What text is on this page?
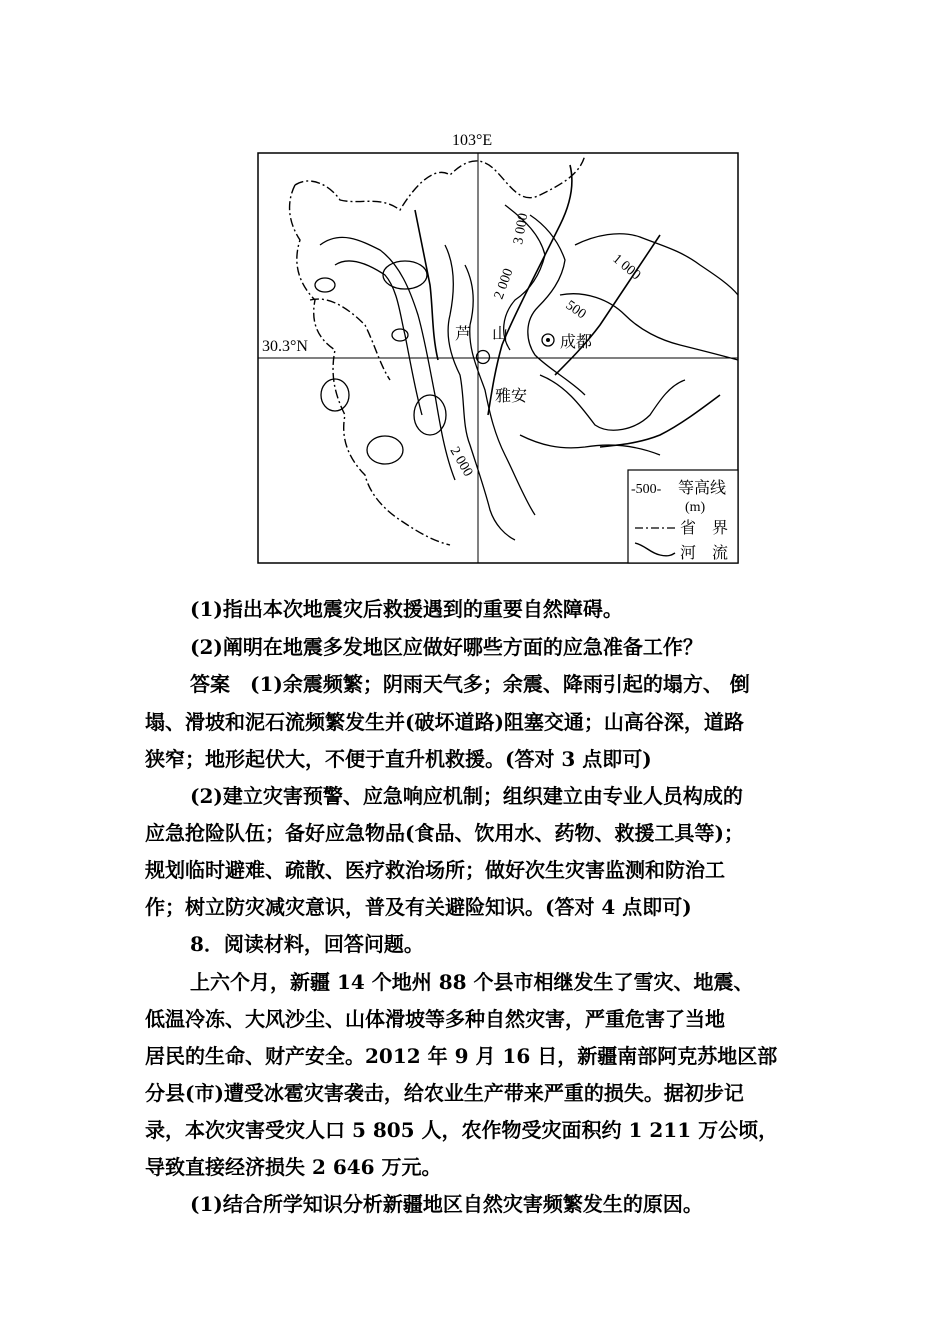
103°E
30.3°N
3 000
2 000	1 000
500
2 000
芦 山	成都
雅安
-500- 等高线
(m)
省　界
河　流
(1)指出本次地震灾后救援遇到的重要自然障碍。
(2)阐明在地震多发地区应做好哪些方面的应急准备工作？
答案　 (1)余震频繁；阴雨天气多；余震、降雨引起的塌方、 倒
塌、滑坡和泥石流频繁发生并(破坏道路)阻塞交通；山高谷深，道路
狭窄；地形起伏大，不便于直升机救援。(答对 3 点即可)
(2)建立灾害预警、应急响应机制；组织建立由专业人员构成的
应急抢险队伍；备好应急物品(食品、饮用水、药物、救援工具等)；
规划临时避难、疏散、医疗救治场所；做好次生灾害监测和防治工
作；树立防灾减灾意识，普及有关避险知识。(答对 4 点即可)
8．阅读材料，回答问题。
上六个月，新疆 14 个地州 88 个县市相继发生了雪灾、地震、
低温冷冻、大风沙尘、山体滑坡等多种自然灾害，严重危害了当地
居民的生命、财产安全。2012 年 9 月 16 日，新疆南部阿克苏地区部
分县(市)遭受冰雹灾害袭击，给农业生产带来严重的损失。据初步记
录，本次灾害受灾人口 5 805 人，农作物受灾面积约 1 211 万公顷，
导致直接经济损失 2 646 万元。
(1)结合所学知识分析新疆地区自然灾害频繁发生的原因。
